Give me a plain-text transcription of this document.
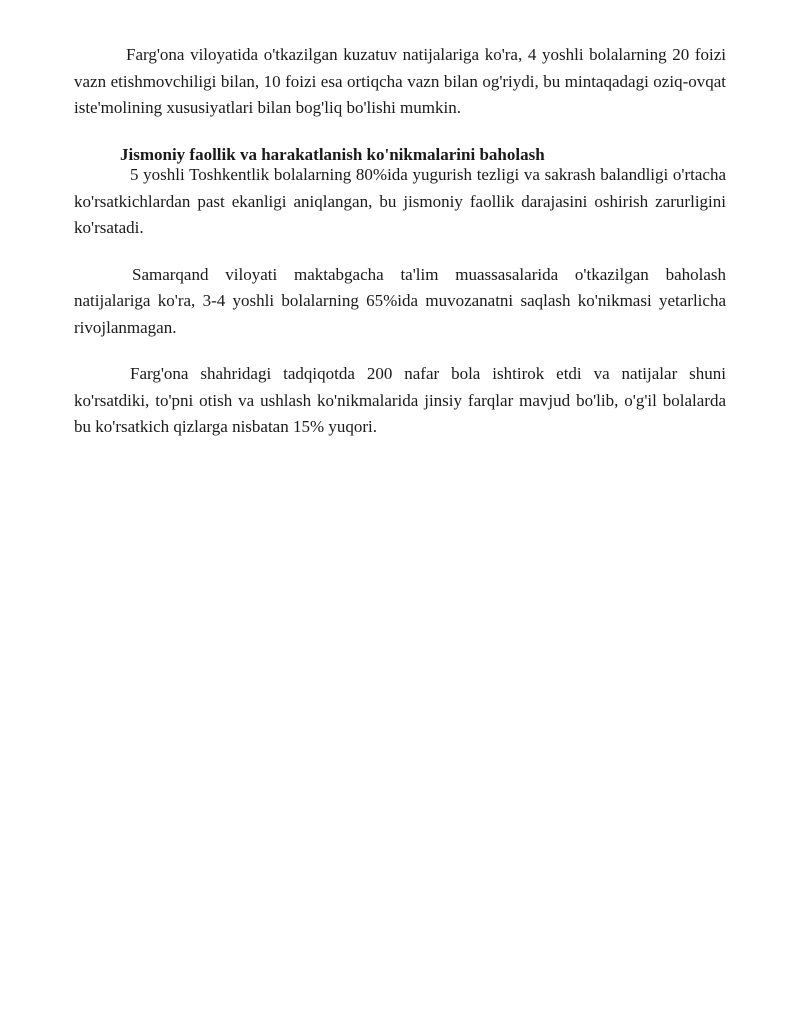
Farg'ona viloyatida o'tkazilgan kuzatuv natijalariga ko'ra, 4 yoshli bolalarning 20 foizi vazn etishmovchiligi bilan, 10 foizi esa ortiqcha vazn bilan og'riydi, bu mintaqadagi oziq-ovqat iste'molining xususiyatlari bilan bog'liq bo'lishi mumkin.

Jismoniy faollik va harakatlanish ko'nikmalarini baholash

5 yoshli Toshkentlik bolalarning 80%ida yugurish tezligi va sakrash balandligi o'rtacha ko'rsatkichlardan past ekanligi aniqlangan, bu jismoniy faollik darajasini oshirish zarurligini ko'rsatadi.

Samarqand viloyati maktabgacha ta'lim muassasalarida o'tkazilgan baholash natijalariga ko'ra, 3-4 yoshli bolalarning 65%ida muvozanatni saqlash ko'nikmasi yetarlicha rivojlanmagan.

Farg'ona shahridagi tadqiqotda 200 nafar bola ishtirok etdi va natijalar shuni ko'rsatdiki, to'pni otish va ushlash ko'nikmalarida jinsiy farqlar mavjud bo'lib, o'g'il bolalarda bu ko'rsatkich qizlarga nisbatan 15% yuqori.
